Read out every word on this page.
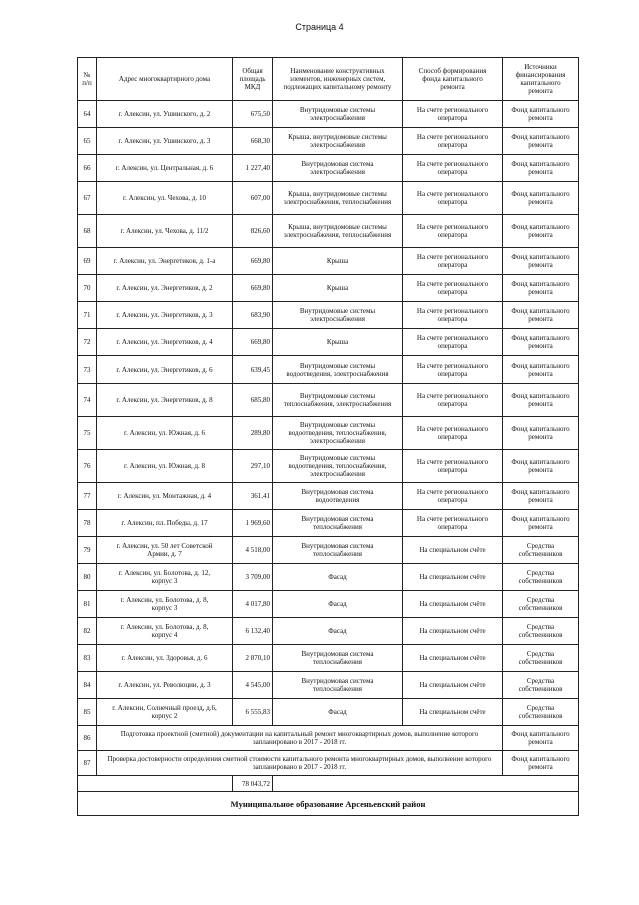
Страница 4
№
п/п	Адрес многоквартирного дома	Общая
площадь
МКД	Наименование конструктивных
элементов, инженерных систем,
подлежащих капитальному ремонту	Способ формирования
фонда капитального
ремонта	Источники
финансирования
капитального
ремонта
64	г. Алексин, ул. Ушинского, д. 2	675,50	Внутридомовые системы
электроснабжения	На счете регионального
оператора	Фонд капитального
ремонта
65	г. Алексин, ул. Ушинского, д. 3	668,30	Крыша, внутридомовые системы
электроснабжения	На счете регионального
оператора	Фонд капитального
ремонта
66	г. Алексин, ул. Центральная, д. 6	1 227,40	Внутридомовая система
электроснабжения	На счете регионального
оператора	Фонд капитального
ремонта
67	г. Алексин, ул. Чехова, д. 10	607,00	Крыша, внутридомовые системы
электроснабжения, теплоснабжения	На счете регионального
оператора	Фонд капитального
ремонта
68	г. Алексин, ул. Чехова, д. 11/2	826,60	Крыша, внутридомовые системы
электроснабжения, теплоснабжения	На счете регионального
оператора	Фонд капитального
ремонта
69	г. Алексин, ул. Энергетиков, д. 1-а	669,80	Крыша	На счете регионального
оператора	Фонд капитального
ремонта
70	г. Алексин, ул. Энергетиков, д. 2	669,80	Крыша	На счете регионального
оператора	Фонд капитального
ремонта
71	г. Алексин, ул. Энергетиков, д. 3	683,90	Внутридомовые системы
электроснабжения	На счете регионального
оператора	Фонд капитального
ремонта
72	г. Алексин, ул. Энергетиков, д. 4	669,80	Крыша	На счете регионального
оператора	Фонд капитального
ремонта
73	г. Алексин, ул. Энергетиков, д. 6	639,45	Внутридомовые системы
водоотведения, электроснабжения	На счете регионального
оператора	Фонд капитального
ремонта
74	г. Алексин, ул. Энергетиков, д. 8	685,80	Внутридомовые системы
теплоснабжения, электроснабжения	На счете регионального
оператора	Фонд капитального
ремонта
75	г. Алексин, ул. Южная, д. 6	289,80	Внутридомовые системы
водоотведения, теплоснабжения,
электроснабжения	На счете регионального
оператора	Фонд капитального
ремонта
76	г. Алексин, ул. Южная, д. 8	297,10	Внутридомовые системы
водоотведения, теплоснабжения,
электроснабжения	На счете регионального
оператора	Фонд капитального
ремонта
77	г. Алексин, ул. Монтажная, д. 4	361,41	Внутридомовая система
водоотведения	На счете регионального
оператора	Фонд капитального
ремонта
78	г. Алексин, пл. Победы, д. 17	1 969,60	Внутридомовая система
теплоснабжения	На счете регионального
оператора	Фонд капитального
ремонта
79	г. Алексин, ул. 50 лет Советской
Армии, д. 7	4 518,00	Внутридомовая система
теплоснабжения	На специальном счёте	Средства
собственников
80	г. Алексин, ул. Болотова, д. 12,
корпус 3	3 709,00	Фасад	На специальном счёте	Средства
собственников
81	г. Алексин, ул. Болотова, д. 8,
корпус 3	4 017,80	Фасад	На специальном счёте	Средства
собственников
82	г. Алексин, ул. Болотова, д. 8,
корпус 4	6 132,40	Фасад	На специальном счёте	Средства
собственников
83	г. Алексин, ул. Здоровья, д. 6	2 870,10	Внутридомовая система
теплоснабжения	На специальном счёте	Средства
собственников
84	г. Алексин, ул. Революции, д. 3	4 545,00	Внутридомовая система
теплоснабжения	На специальном счёте	Средства
собственников
85	г. Алексин, Солнечный проезд, д.6,
корпус 2	6 555,83	Фасад	На специальном счёте	Средства
собственников
86	Подготовка проектной (сметной) документации на капитальный ремонт многоквартирных домов, выполнение которого запланировано в 2017 - 2018 гг.				Фонд капитального
ремонта
87	Проверка достоверности определения сметной стоимости капитального ремонта многоквартирных домов, выполнение которого запланировано в 2017 - 2018 гг.				Фонд капитального
ремонта
		78 043,72			
Муниципальное образование Арсеньевский район					
